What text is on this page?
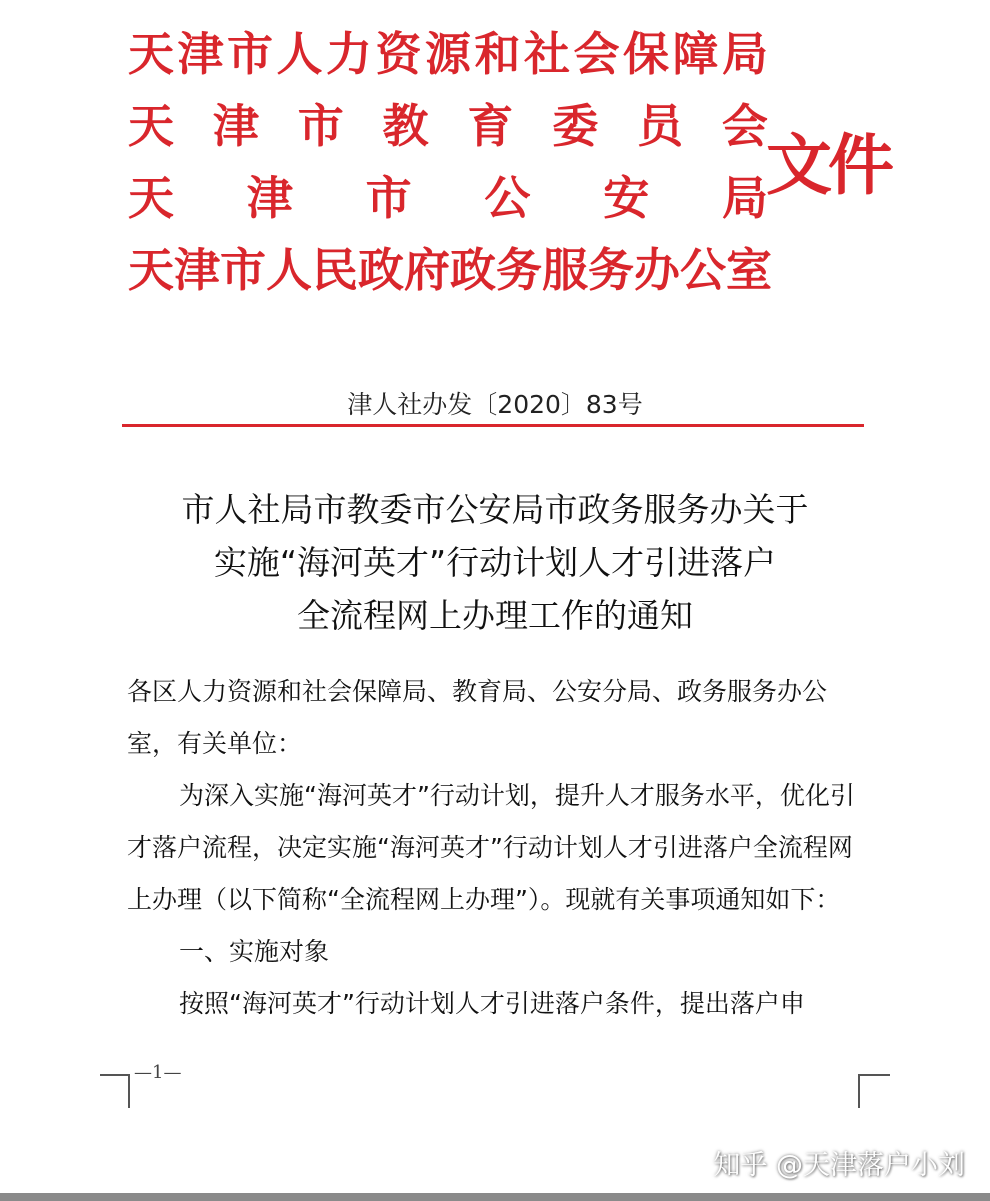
天 津 市 人 力 资 源 和 社 会 保 障 局
天 津 市 教 育 委 员 会
天 津 市 公 安 局
天 津 市 人 民 政 府 政 务 服 务 办 公 室
文件
津人社办发〔2020〕83号
市人社局市教委市公安局市政务服务办关于
实施“海河英才”行动计划人才引进落户
全流程网上办理工作的通知

各区人力资源和社会保障局、教育局、公安分局、政务服务办公室，有关单位：

为深入实施“海河英才”行动计划，提升人才服务水平，优化引才落户流程，决定实施“海河英才”行动计划人才引进落户全流程网上办理（以下简称“全流程网上办理”）。现就有关事项通知如下：

一、实施对象

按照“海河英才”行动计划人才引进落户条件，提出落户申

—1—
知乎 @天津落户小刘
